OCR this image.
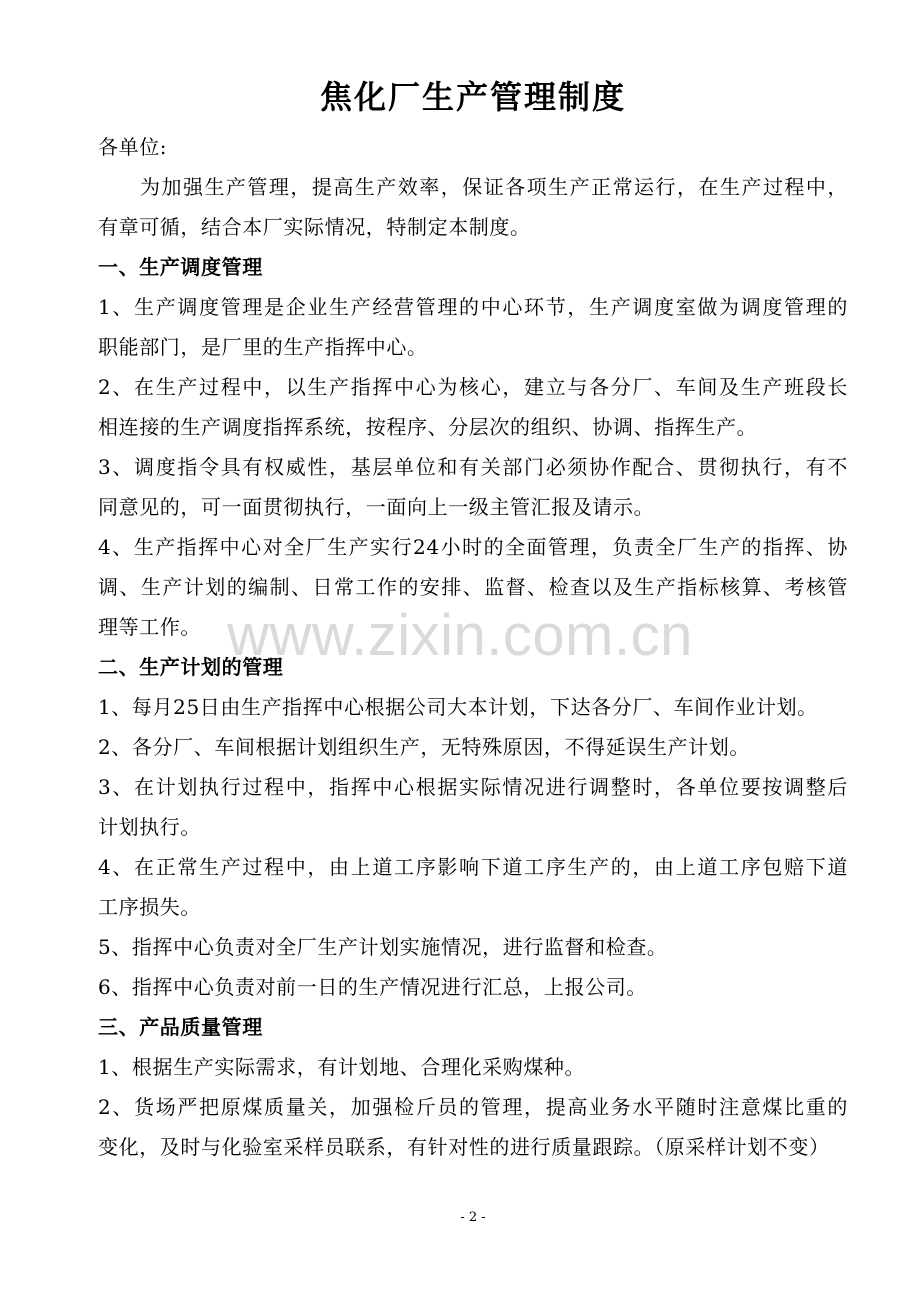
www.zixin.com.cn
焦化厂生产管理制度
各单位:
为加强生产管理，提高生产效率，保证各项生产正常运行，在生产过程中，
有章可循，结合本厂实际情况，特制定本制度。
一、生产调度管理
1、生产调度管理是企业生产经营管理的中心环节，生产调度室做为调度管理的
职能部门，是厂里的生产指挥中心。
2、在生产过程中，以生产指挥中心为核心，建立与各分厂、车间及生产班段长
相连接的生产调度指挥系统，按程序、分层次的组织、协调、指挥生产。
3、调度指令具有权威性，基层单位和有关部门必须协作配合、贯彻执行，有不
同意见的，可一面贯彻执行，一面向上一级主管汇报及请示。
4、生产指挥中心对全厂生产实行24小时的全面管理，负责全厂生产的指挥、协
调、生产计划的编制、日常工作的安排、监督、检查以及生产指标核算、考核管
理等工作。
二、生产计划的管理
1、每月25日由生产指挥中心根据公司大本计划，下达各分厂、车间作业计划。
2、各分厂、车间根据计划组织生产，无特殊原因，不得延误生产计划。
3、在计划执行过程中，指挥中心根据实际情况进行调整时，各单位要按调整后
计划执行。
4、在正常生产过程中，由上道工序影响下道工序生产的，由上道工序包赔下道
工序损失。
5、指挥中心负责对全厂生产计划实施情况，进行监督和检查。
6、指挥中心负责对前一日的生产情况进行汇总，上报公司。
三、产品质量管理
1、根据生产实际需求，有计划地、合理化采购煤种。
2、货场严把原煤质量关，加强检斤员的管理，提高业务水平随时注意煤比重的
变化，及时与化验室采样员联系，有针对性的进行质量跟踪。（原采样计划不变）
- 2 -
